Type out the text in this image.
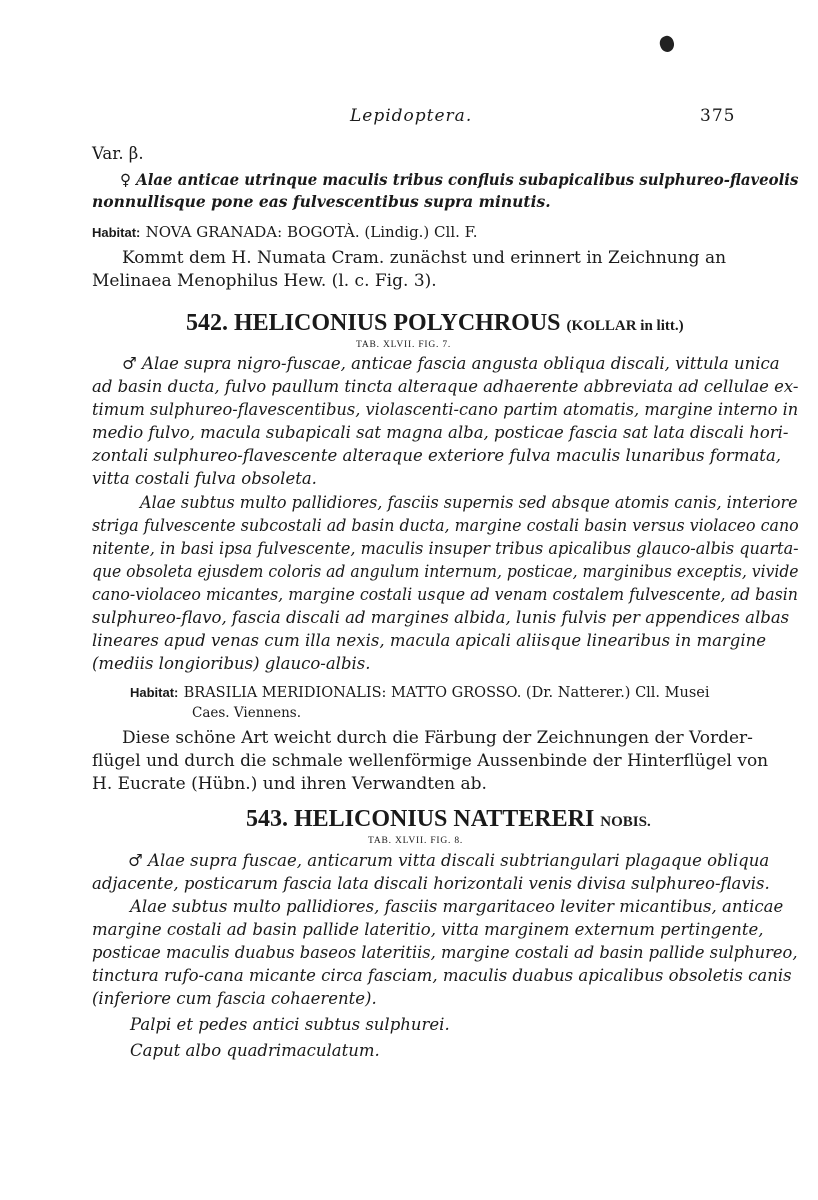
Lepidoptera.	375
Var. β.
♀ Alae anticae utrinque maculis tribus confluis subapicalibus sulphureo-flaveolis
nonnullisque pone eas fulvescentibus supra minutis.
Habitat: NOVA GRANADA: BOGOTÀ. (Lindig.) Cll. F.
Kommt dem H. Numata Cram. zunächst und erinnert in Zeichnung an
Melinaea Menophilus Hew. (l. c. Fig. 3).
542. HELICONIUS POLYCHROUS (KOLLAR in litt.)
TAB. XLVII. FIG. 7.
♂ Alae supra nigro-fuscae, anticae fascia angusta obliqua discali, vittula unica
ad basin ducta, fulvo paullum tincta alteraque adhaerente abbreviata ad cellulae ex-
timum sulphureo-flavescentibus, violascenti-cano partim atomatis, margine interno in
medio fulvo, macula subapicali sat magna alba, posticae fascia sat lata discali hori-
zontali sulphureo-flavescente alteraque exteriore fulva maculis lunaribus formata,
vitta costali fulva obsoleta.
Alae subtus multo pallidiores, fasciis supernis sed absque atomis canis, interiore
striga fulvescente subcostali ad basin ducta, margine costali basin versus violaceo cano
nitente, in basi ipsa fulvescente, maculis insuper tribus apicalibus glauco-albis quarta-
que obsoleta ejusdem coloris ad angulum internum, posticae, marginibus exceptis, vivide
cano-violaceo micantes, margine costali usque ad venam costalem fulvescente, ad basin
sulphureo-flavo, fascia discali ad margines albida, lunis fulvis per appendices albas
lineares apud venas cum illa nexis, macula apicali aliisque linearibus in margine
(mediis longioribus) glauco-albis.
Habitat: BRASILIA MERIDIONALIS: MATTO GROSSO. (Dr. Natterer.) Cll. Musei
Caes. Viennens.
Diese schöne Art weicht durch die Färbung der Zeichnungen der Vorder-
flügel und durch die schmale wellenförmige Aussenbinde der Hinterflügel von
H. Eucrate (Hübn.) und ihren Verwandten ab.
543. HELICONIUS NATTERERI NOBIS.
TAB. XLVII. FIG. 8.
♂ Alae supra fuscae, anticarum vitta discali subtriangulari plagaque obliqua
adjacente, posticarum fascia lata discali horizontali venis divisa sulphureo-flavis.
Alae subtus multo pallidiores, fasciis margaritaceo leviter micantibus, anticae
margine costali ad basin pallide lateritio, vitta marginem externum pertingente,
posticae maculis duabus baseos lateritiis, margine costali ad basin pallide sulphureo,
tinctura rufo-cana micante circa fasciam, maculis duabus apicalibus obsoletis canis
(inferiore cum fascia cohaerente).
Palpi et pedes antici subtus sulphurei.
Caput albo quadrimaculatum.
